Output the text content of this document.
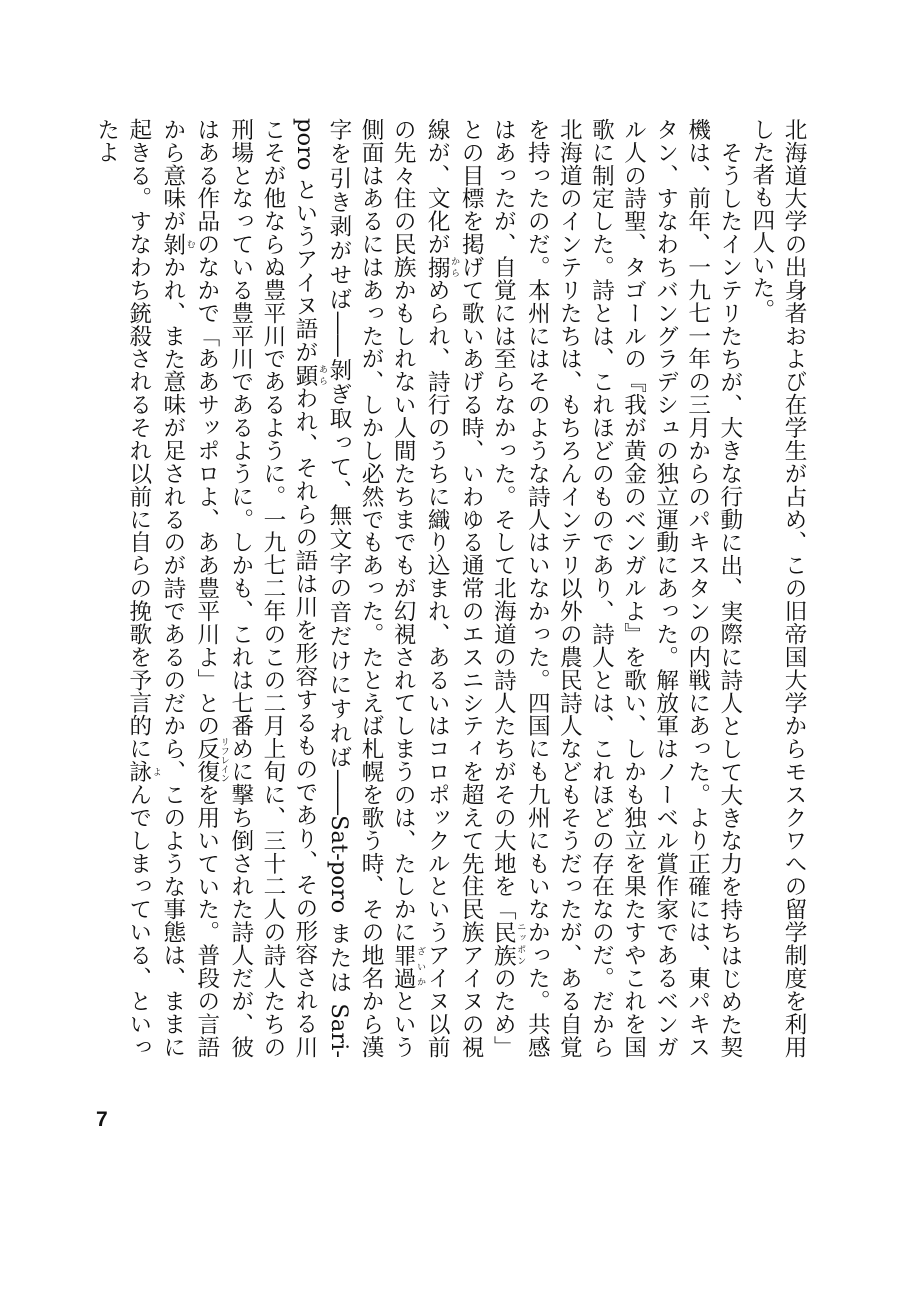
北海道大学の出身者および在学生が占め、この旧帝国大学からモスクワへの留学制度を利用した者も四人いた。

そうしたインテリたちが、大きな行動に出、実際に詩人として大きな力を持ちはじめた契機は、前年、一九七一年の三月からのパキスタンの内戦にあった。より正確には、東パキスタン、すなわちバングラデシュの独立運動にあった。解放軍はノーベル賞作家であるベンガル人の詩聖、タゴールの『我が黄金のベンガルよ』を歌い、しかも独立を果たすやこれを国歌に制定した。詩とは、これほどのものであり、詩人とは、これほどの存在なのだ。だから北海道のインテリたちは、もちろんインテリ以外の農民詩人などもそうだったが、ある自覚を持ったのだ。本州にはそのような詩人はいなかった。四国にも九州にもいなかった。共感はあったが、自覚には至らなかった。そして北海道の詩人たちがその大地を「民族 ニッポンのため」との目標を掲げて歌いあげる時、いわゆる通常のエスニシティを超えて先住民族アイヌの視線が、文化が搦 からめられ、詩行のうちに織り込まれ、あるいはコロポックルというアイヌ以前の先々住の民族かもしれない人間たちまでもが幻視されてしまうのは、たしかに罪過 ざいかという側面はあるにはあったが、しかし必然でもあった。たとえば札幌を歌う時、その地名から漢字を引き剥がせば――剝ぎ取って、無文字の音だけにすれば――Sat-poro または Sari-poro というアイヌ語が顕 あらわれ、それらの語は川を形容するものであり、その形容される川こそが他ならぬ豊平川であるように。一九七二年のこの二月上旬に、三十二人の詩人たちの刑場となっている豊平川であるように。しかも、これは七番めに撃ち倒された詩人だが、彼はある作品のなかで「ああサッポロよ、ああ豊平川よ」との反復 リフレインを用いていた。普段の言語から意味が剝 むかれ、また意味が足されるのが詩であるのだから、このような事態は、ままに起きる。すなわち銃殺されるそれ以前に自らの挽歌を予言的に詠 よんでしまっている、といったよ

7
